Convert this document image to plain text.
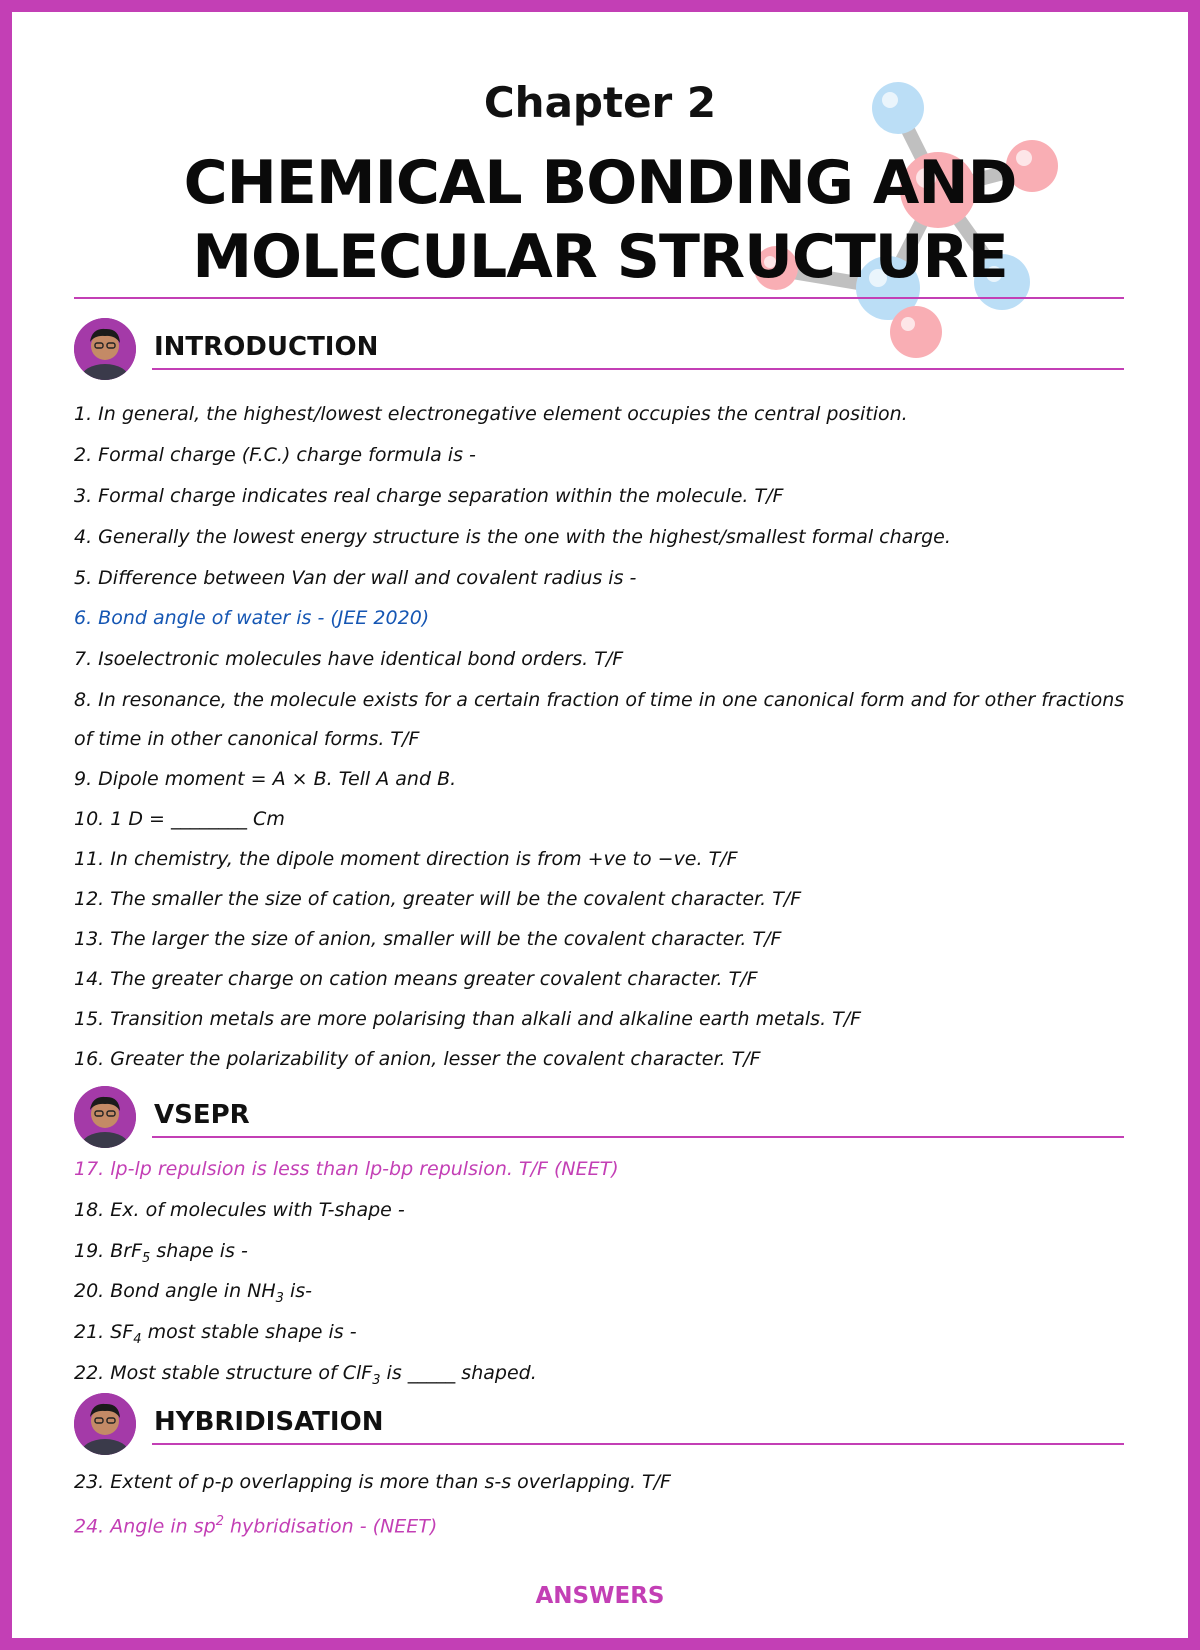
Chapter 2
CHEMICAL BONDING AND
MOLECULAR STRUCTURE
INTRODUCTION
1. In general, the highest/lowest electronegative element occupies the central position.
2. Formal charge (F.C.) charge formula is -
3. Formal charge indicates real charge separation within the molecule. T/F
4. Generally the lowest energy structure is the one with the highest/smallest formal charge.
5. Difference between Van der wall and covalent radius is -
6. Bond angle of water is - (JEE 2020)
7. Isoelectronic molecules have identical bond orders. T/F
8. In resonance, the molecule exists for a certain fraction of time in one canonical form and for other fractions
of time in other canonical forms. T/F
9. Dipole moment = A × B. Tell A and B.
10. 1 D = ________ Cm
11. In chemistry, the dipole moment direction is from +ve to −ve. T/F
12. The smaller the size of cation, greater will be the covalent character. T/F
13. The larger the size of anion, smaller will be the covalent character. T/F
14. The greater charge on cation means greater covalent character. T/F
15. Transition metals are more polarising than alkali and alkaline earth metals. T/F
16. Greater the polarizability of anion, lesser the covalent character. T/F
VSEPR
17. lp-lp repulsion is less than lp-bp repulsion. T/F (NEET)
18. Ex. of molecules with T-shape -
19. BrF$_5$ shape is -
20. Bond angle in $NH_3$ is-
21. $SF_4$ most stable shape is -
22. Most stable structure of ClF$_3$ is _____ shaped.
HYBRIDISATION
23. Extent of p-p overlapping is more than s-s overlapping. T/F
24. Angle in $sp^2$ hybridisation - (NEET)
ANSWERS
